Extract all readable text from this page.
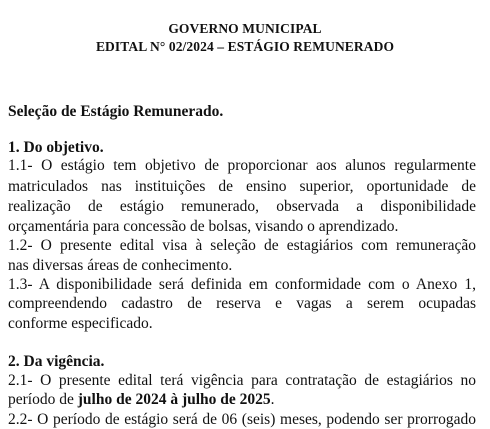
GOVERNO MUNICIPAL
EDITAL N° 02/2024 – ESTÁGIO REMUNERADO
Seleção de Estágio Remunerado.
1. Do objetivo.
1.1- O estágio tem objetivo de proporcionar aos alunos regularmente
matriculados nas instituições de ensino superior, oportunidade de
realização de estágio remunerado, observada a disponibilidade
orçamentária para concessão de bolsas, visando o aprendizado.
1.2- O presente edital visa à seleção de estagiários com remuneração
nas diversas áreas de conhecimento.
1.3- A disponibilidade será definida em conformidade com o Anexo 1,
compreendendo cadastro de reserva e vagas a serem ocupadas
conforme especificado.
2. Da vigência.
2.1- O presente edital terá vigência para contratação de estagiários no
período de julho de 2024 à julho de 2025.
2.2- O período de estágio será de 06 (seis) meses, podendo ser prorrogado
